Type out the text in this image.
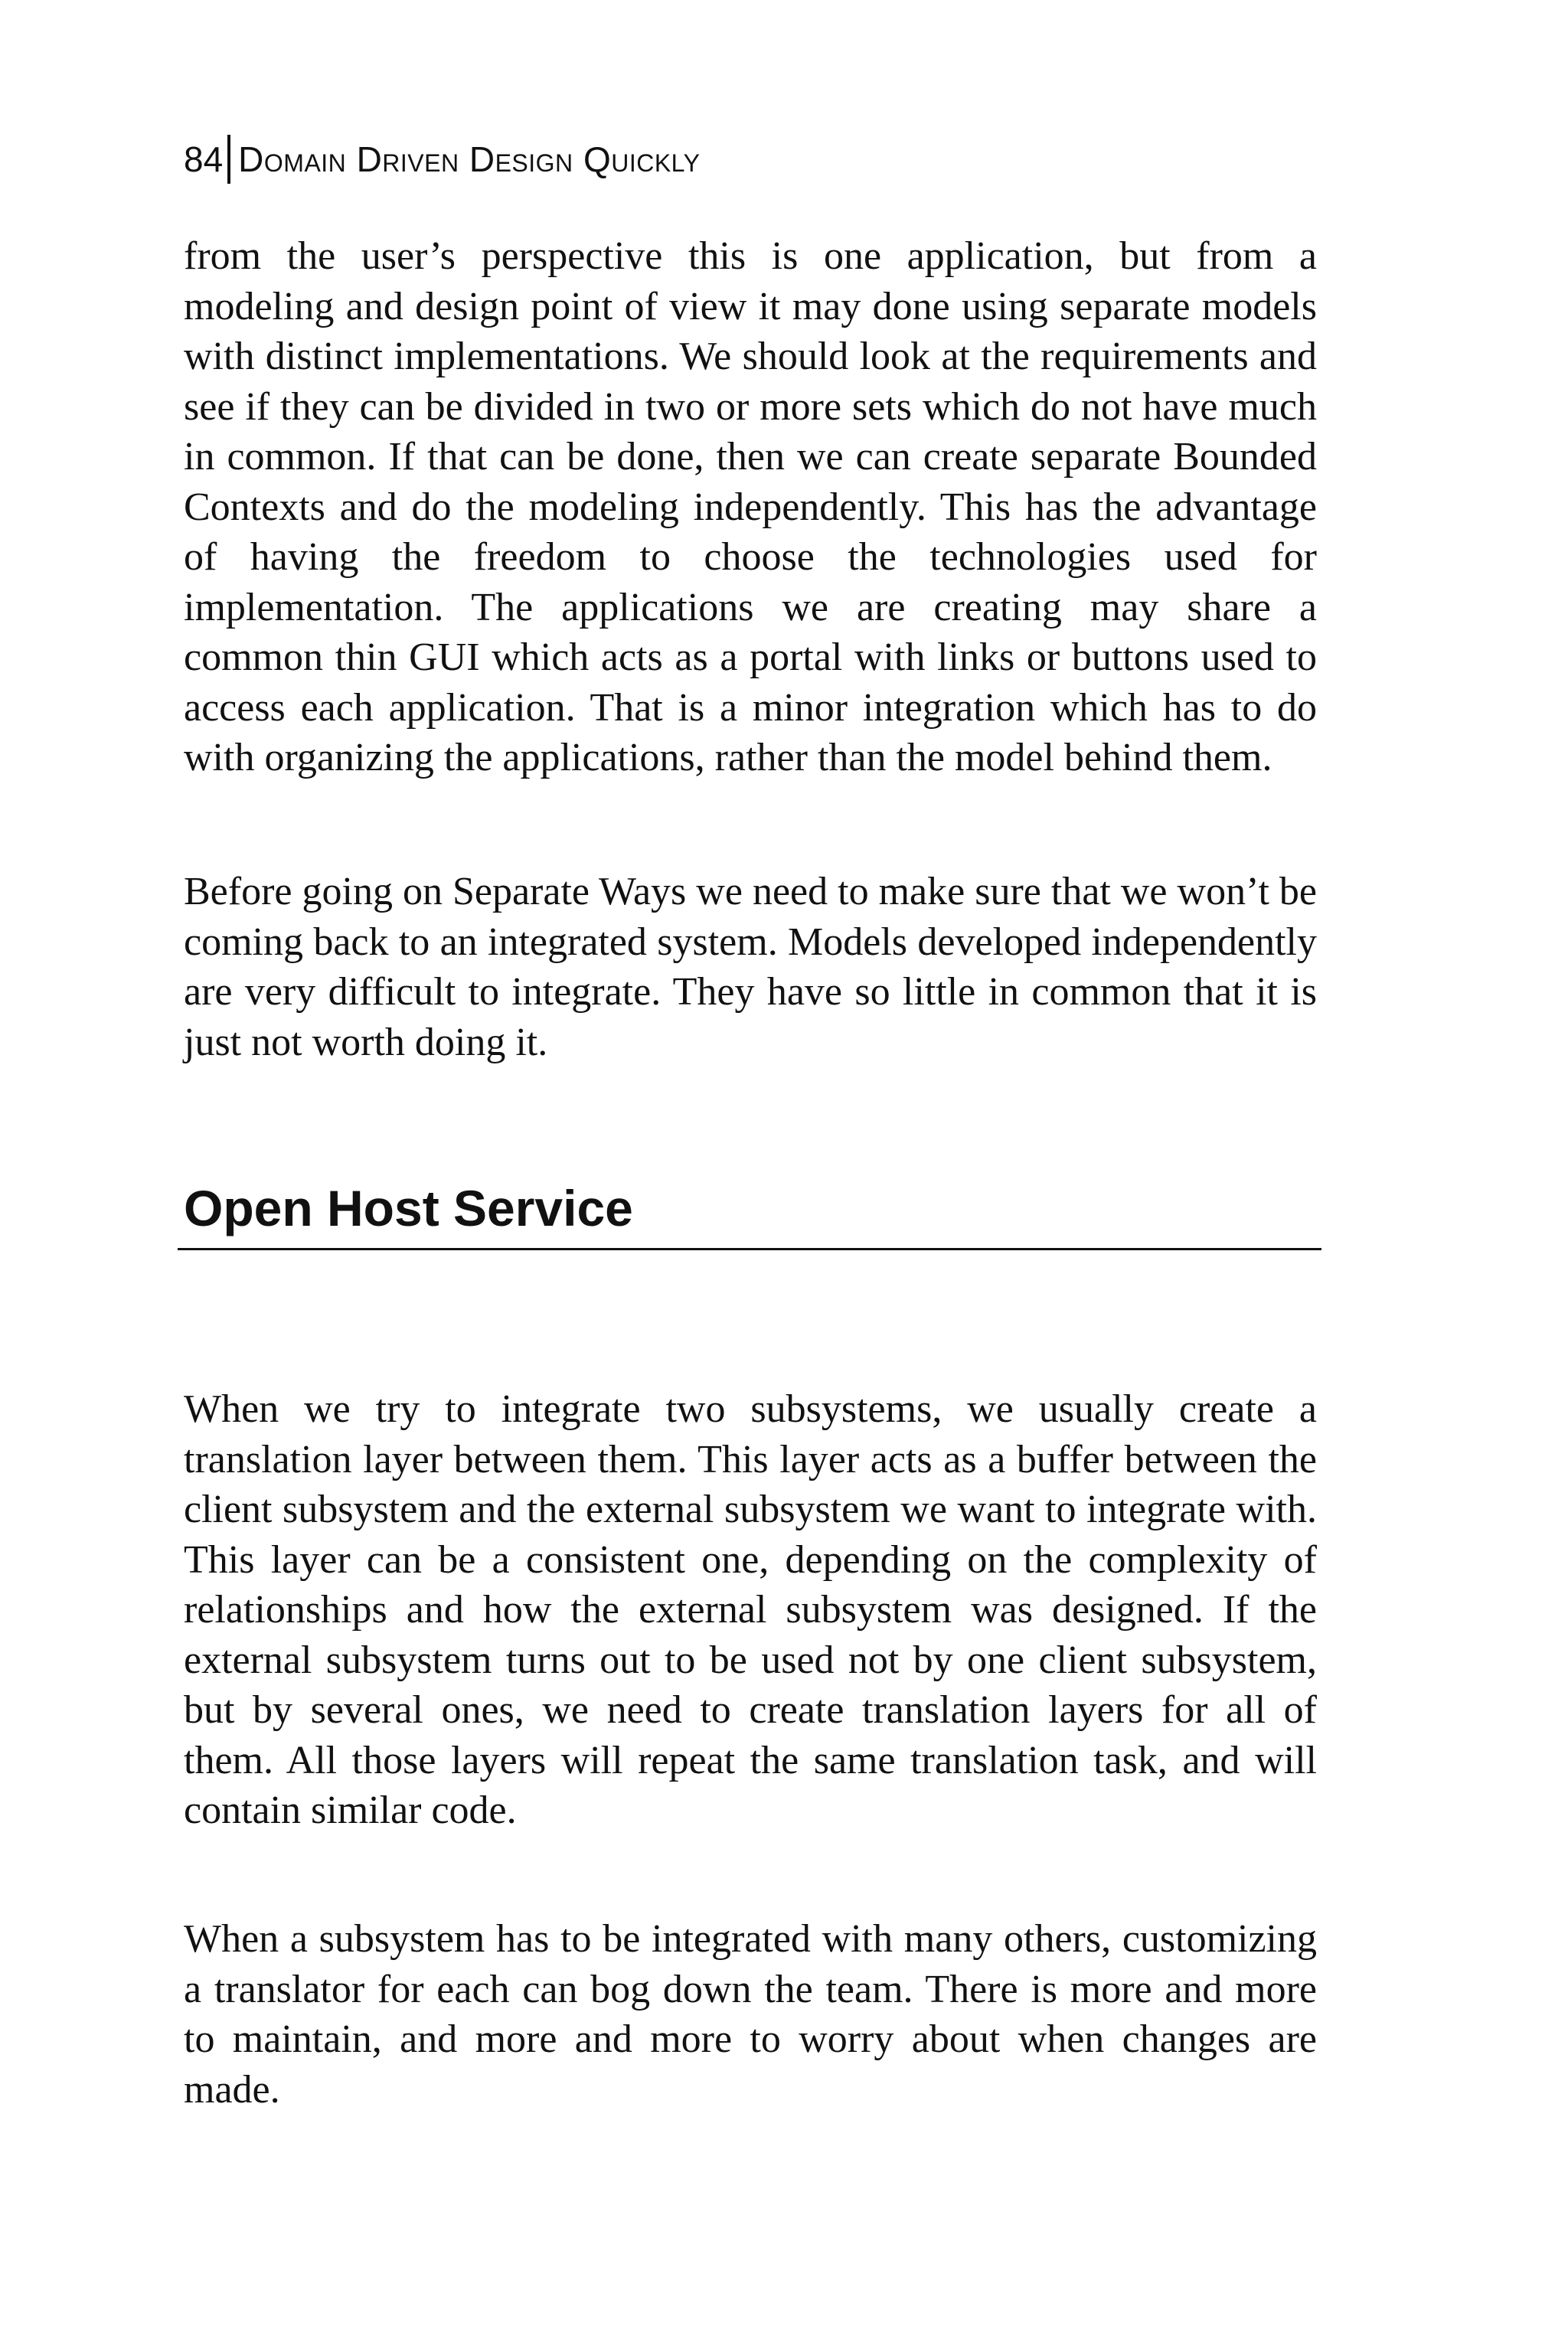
84 Domain Driven Design Quickly

from the user’s perspective this is one application, but from a modeling and design point of view it may done using separate models with distinct implementations. We should look at the requirements and see if they can be divided in two or more sets which do not have much in common. If that can be done, then we can create separate Bounded Contexts and do the modeling independently. This has the advantage of having the freedom to choose the technologies used for implementation. The applications we are creating may share a common thin GUI which acts as a portal with links or buttons used to access each application. That is a minor integration which has to do with organizing the applications, rather than the model behind them.

Before going on Separate Ways we need to make sure that we won’t be coming back to an integrated system. Models developed independently are very difficult to integrate. They have so little in common that it is just not worth doing it.

Open Host Service

When we try to integrate two subsystems, we usually create a translation layer between them. This layer acts as a buffer between the client subsystem and the external subsystem we want to integrate with. This layer can be a consistent one, depending on the complexity of relationships and how the external subsystem was designed. If the external subsystem turns out to be used not by one client subsystem, but by several ones, we need to create translation layers for all of them. All those layers will repeat the same translation task, and will contain similar code.

When a subsystem has to be integrated with many others, customizing a translator for each can bog down the team. There is more and more to maintain, and more and more to worry about when changes are made.
